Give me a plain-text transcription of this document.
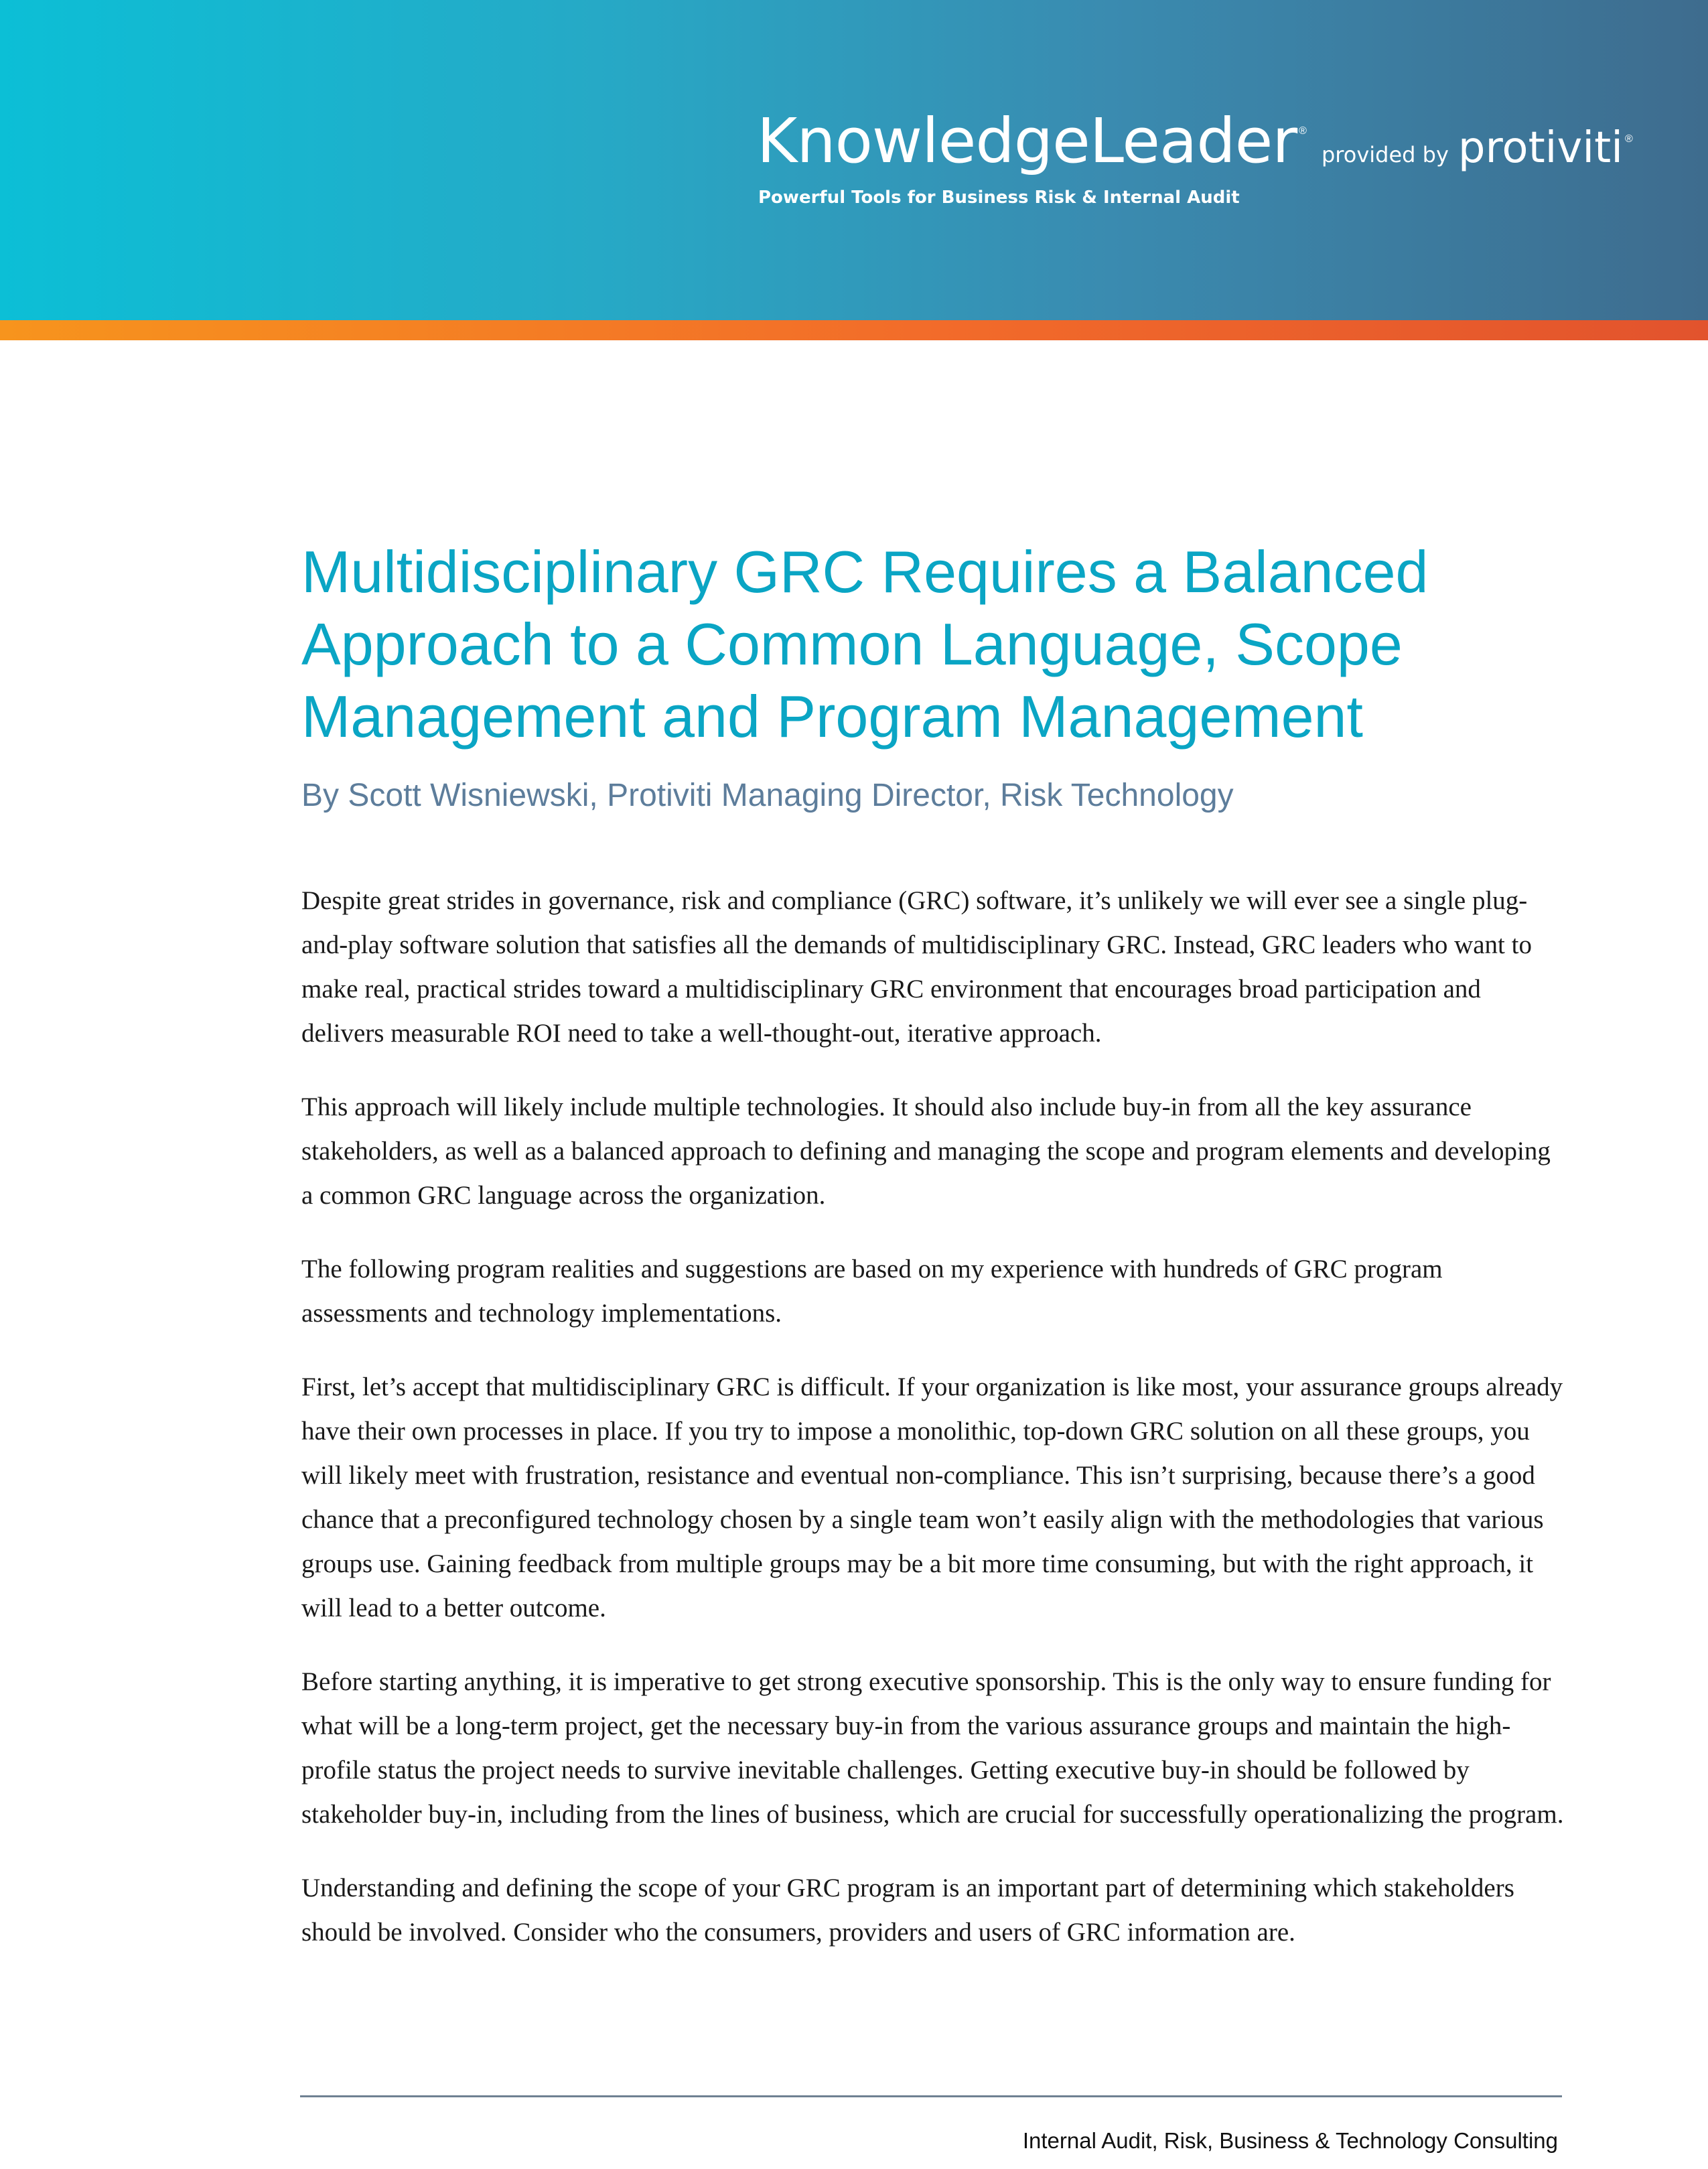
KnowledgeLeader ®
provided by protiviti ®
Powerful Tools for Business Risk & Internal Audit
Multidisciplinary GRC Requires a Balanced Approach to a Common Language, Scope Management and Program Management

By Scott Wisniewski, Protiviti Managing Director, Risk Technology

Despite great strides in governance, risk and compliance (GRC) software, it’s unlikely we will ever see a single plug-and-play software solution that satisfies all the demands of multidisciplinary GRC. Instead, GRC leaders who want to make real, practical strides toward a multidisciplinary GRC environment that encourages broad participation and delivers measurable ROI need to take a well-thought-out, iterative approach.

This approach will likely include multiple technologies. It should also include buy-in from all the key assurance stakeholders, as well as a balanced approach to defining and managing the scope and program elements and developing a common GRC language across the organization.

The following program realities and suggestions are based on my experience with hundreds of GRC program assessments and technology implementations.

First, let’s accept that multidisciplinary GRC is difficult. If your organization is like most, your assurance groups already have their own processes in place. If you try to impose a monolithic, top-down GRC solution on all these groups, you will likely meet with frustration, resistance and eventual non-compliance. This isn’t surprising, because there’s a good chance that a preconfigured technology chosen by a single team won’t easily align with the methodologies that various groups use. Gaining feedback from multiple groups may be a bit more time consuming, but with the right approach, it will lead to a better outcome.

Before starting anything, it is imperative to get strong executive sponsorship. This is the only way to ensure funding for what will be a long-term project, get the necessary buy-in from the various assurance groups and maintain the high-profile status the project needs to survive inevitable challenges. Getting executive buy-in should be followed by stakeholder buy-in, including from the lines of business, which are crucial for successfully operationalizing the program.

Understanding and defining the scope of your GRC program is an important part of determining which stakeholders should be involved. Consider who the consumers, providers and users of GRC information are.

Internal Audit, Risk, Business & Technology Consulting
